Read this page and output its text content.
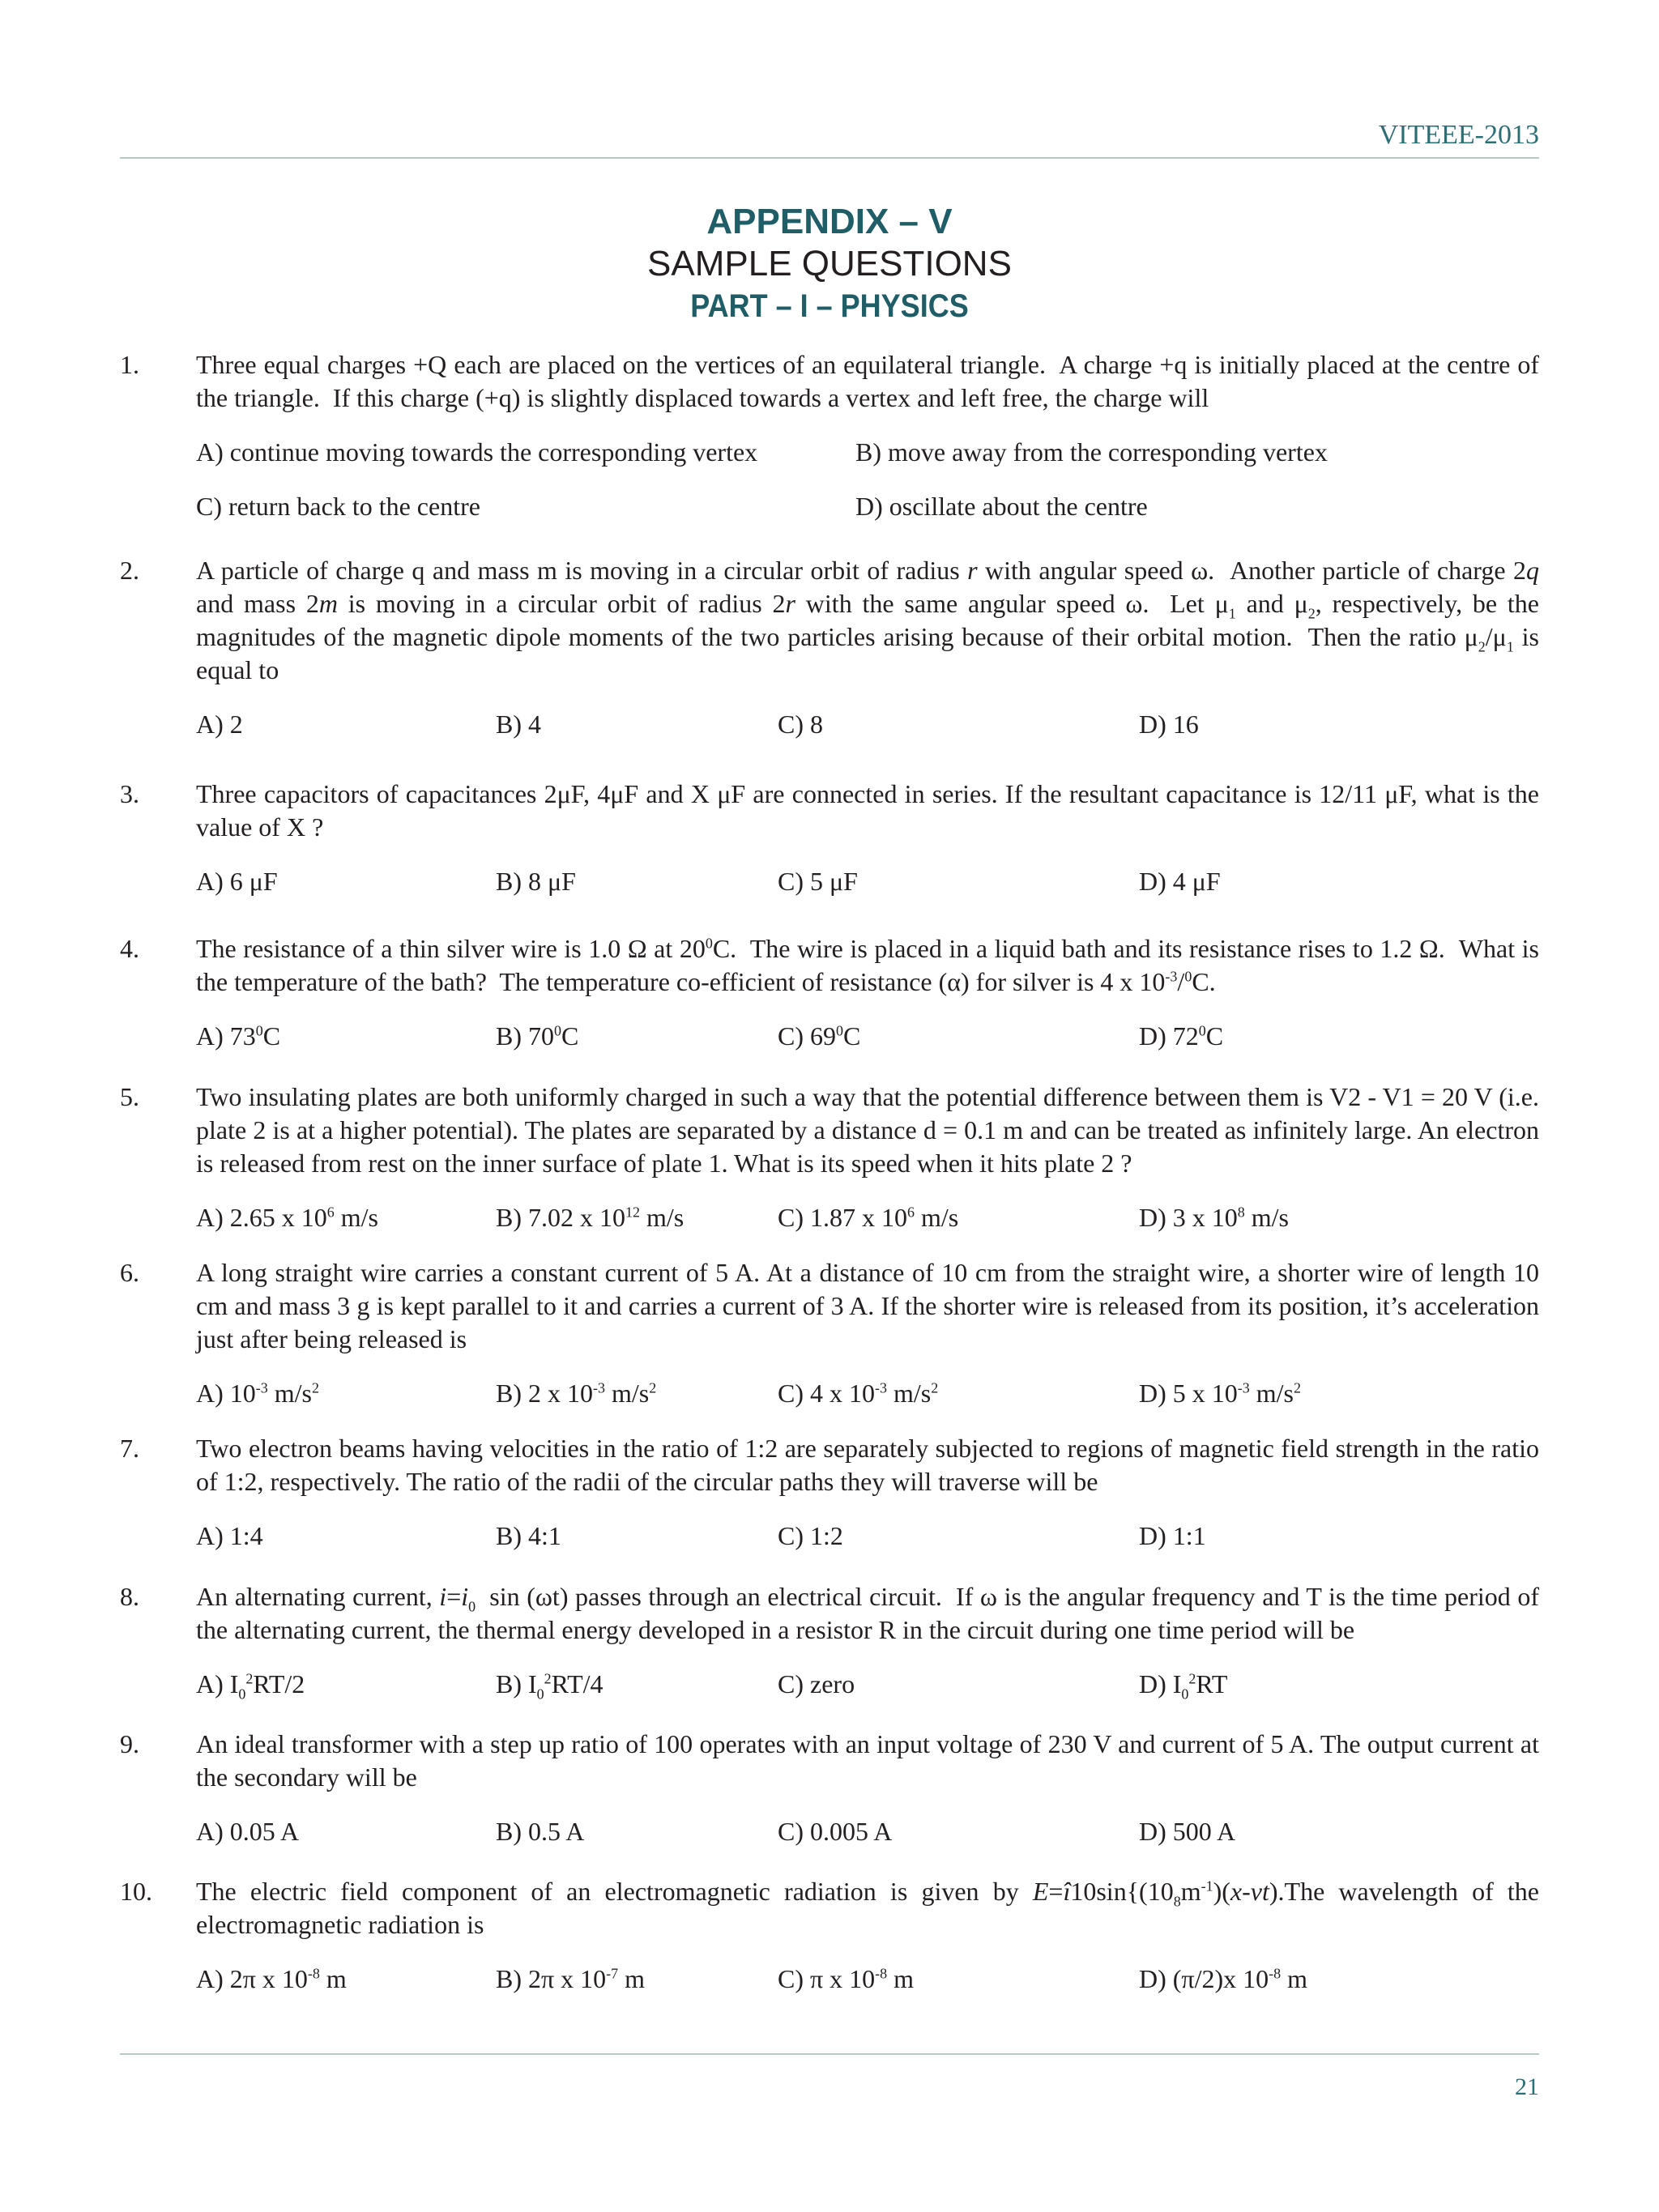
VITEEE-2013
APPENDIX – V
SAMPLE QUESTIONS
PART – I – PHYSICS
1. Three equal charges +Q each are placed on the vertices of an equilateral triangle.  A charge +q is initially placed at the centre of the triangle.  If this charge (+q) is slightly displaced towards a vertex and left free, the charge will
A) continue moving towards the corresponding vertex	B) move away from the corresponding vertex
C) return back to the centre	D) oscillate about the centre
2. A particle of charge q and mass m is moving in a circular orbit of radius r with angular speed ω.  Another particle of charge 2q and mass 2m is moving in a circular orbit of radius 2r with the same angular speed ω.  Let $\mu_1$ and $\mu_2$, respectively, be the magnitudes of the magnetic dipole moments of the two particles arising because of their orbital motion.  Then the ratio $\mu_2/\mu_1$ is equal to
A) 2	B) 4	C) 8	D) 16
3. Three capacitors of capacitances 2μF, 4μF and X μF are connected in series. If the resultant capacitance is 12/11 μF, what is the value of X ?
A) 6 μF	B) 8 μF	C) 5 μF	D) 4 μF
4. The resistance of a thin silver wire is 1.0 Ω at $20^0C$.  The wire is placed in a liquid bath and its resistance rises to 1.2 Ω.  What is the temperature of the bath?  The temperature co-efficient of resistance (α) for silver is 4 x $10^{-3}/^0C$.
A) $73^0C$	B) $70^0C$	C) $69^0C$	D) $72^0C$
5. Two insulating plates are both uniformly charged in such a way that the potential difference between them is V2 - V1 = 20 V (i.e. plate 2 is at a higher potential). The plates are separated by a distance d = 0.1 m and can be treated as infinitely large. An electron is released from rest on the inner surface of plate 1. What is its speed when it hits plate 2 ?
A) 2.65 x $10^6$ m/s	B) 7.02 x $10^{12}$ m/s	C) 1.87 x $10^6$ m/s	D) 3 x $10^8$ m/s
6. A long straight wire carries a constant current of 5 A. At a distance of 10 cm from the straight wire, a shorter wire of length 10 cm and mass 3 g is kept parallel to it and carries a current of 3 A. If the shorter wire is released from its position, it’s acceleration just after being released is
A) $10^{-3}$ $m/s^2$	B) 2 x $10^{-3}$ $m/s^2$	C) 4 x $10^{-3}$ $m/s^2$	D) 5 x $10^{-3}$ $m/s^2$
7. Two electron beams having velocities in the ratio of 1:2 are separately subjected to regions of magnetic field strength in the ratio of 1:2, respectively. The ratio of the radii of the circular paths they will traverse will be
A) 1:4	B) 4:1	C) 1:2	D) 1:1
8. An alternating current, $i=i_0$  sin (ωt) passes through an electrical circuit.  If ω is the angular frequency and T is the time period of the alternating current, the thermal energy developed in a resistor R in the circuit during one time period will be
A) $I_0^2RT/2$	B) $I_0^2RT/4$	C) zero	D) $I_0^2RT$
9. An ideal transformer with a step up ratio of 100 operates with an input voltage of 230 V and current of 5 A. The output current at the secondary will be
A) 0.05 A	B) 0.5 A	C) 0.005 A	D) 500 A
10. The electric field component of an electromagnetic radiation is given by $E=î10\sin\{(10_8m^{-1})(x-vt).The$ wavelength of the electromagnetic radiation is
A) 2π x $10^{-8}$ m	B) 2π x $10^{-7}$ m	C) π x $10^{-8}$ m	D) (π/2)x $10^{-8}$ m
21
